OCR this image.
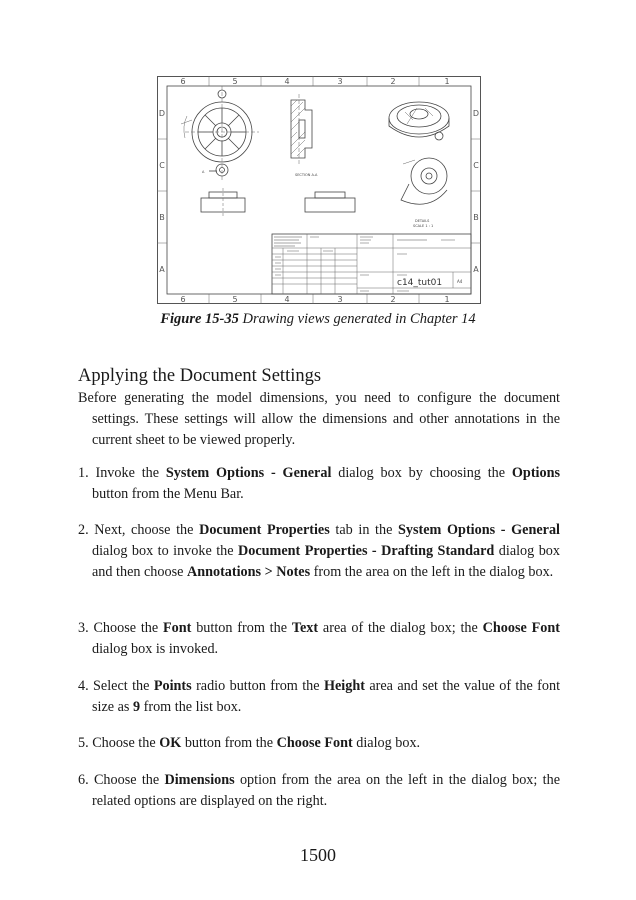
6	5	4	3	2	1
6	5	4	3	2	1
D
C
B
A
D
C
B
A
A
SECTION A-A
DETAILS
SCALE 1 : 1
c14_tut01	A4
Figure 15-35 Drawing views generated in Chapter 14
Applying the Document Settings
Before generating the model dimensions, you need to configure the document settings. These settings will allow the dimensions and other annotations in the current sheet to be viewed properly.
1. Invoke the System Options - General dialog box by choosing the Options button from the Menu Bar.
2. Next, choose the Document Properties tab in the System Options - General dialog box to invoke the Document Properties - Drafting Standard dialog box and then choose Annotations > Notes from the area on the left in the dialog box.
3. Choose the Font button from the Text area of the dialog box; the Choose Font dialog box is invoked.
4. Select the Points radio button from the Height area and set the value of the font size as 9 from the list box.
5. Choose the OK button from the Choose Font dialog box.
6. Choose the Dimensions option from the area on the left in the dialog box; the related options are displayed on the right.
1500
